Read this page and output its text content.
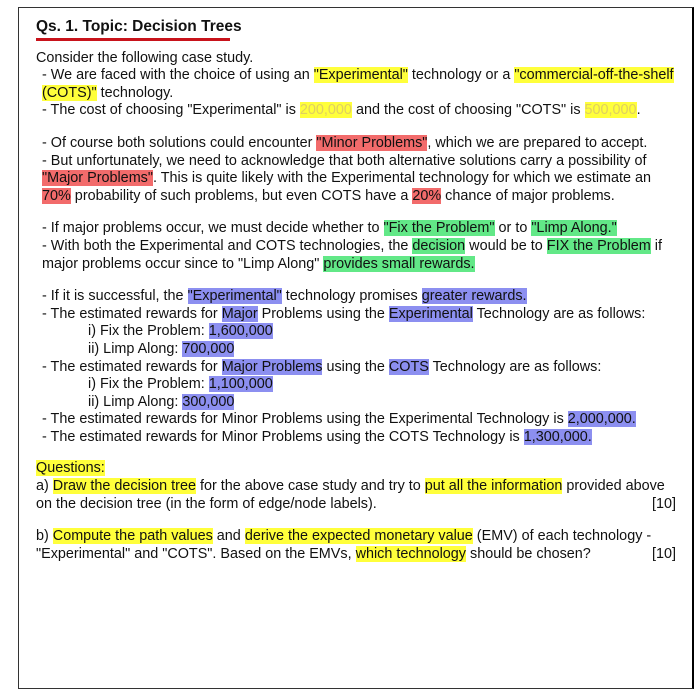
Qs. 1. Topic: Decision Trees

Consider the following case study.

- We are faced with the choice of using an "Experimental" technology or a "commercial-off-the-shelf (COTS)" technology.

- The cost of choosing "Experimental" is 200,000 and the cost of choosing "COTS" is 500,000.

- Of course both solutions could encounter "Minor Problems", which we are prepared to accept.

- But unfortunately, we need to acknowledge that both alternative solutions carry a possibility of "Major Problems". This is quite likely with the Experimental technology for which we estimate an 70% probability of such problems, but even COTS have a 20% chance of major problems.

- If major problems occur, we must decide whether to "Fix the Problem" or to "Limp Along."

- With both the Experimental and COTS technologies, the decision would be to FIX the Problem if major problems occur since to "Limp Along" provides small rewards.

- If it is successful, the "Experimental" technology promises greater rewards.

- The estimated rewards for Major Problems using the Experimental Technology are as follows:

i) Fix the Problem: 1,600,000

ii) Limp Along: 700,000

- The estimated rewards for Major Problems using the COTS Technology are as follows:

i) Fix the Problem: 1,100,000

ii) Limp Along: 300,000

- The estimated rewards for Minor Problems using the Experimental Technology is 2,000,000.

- The estimated rewards for Minor Problems using the COTS Technology is 1,300,000.

Questions:

a) Draw the decision tree for the above case study and try to put all the information provided above on the decision tree (in the form of edge/node labels).	[10]

b) Compute the path values and derive the expected monetary value (EMV) of each technology - "Experimental" and "COTS". Based on the EMVs, which technology should be chosen?	[10]
